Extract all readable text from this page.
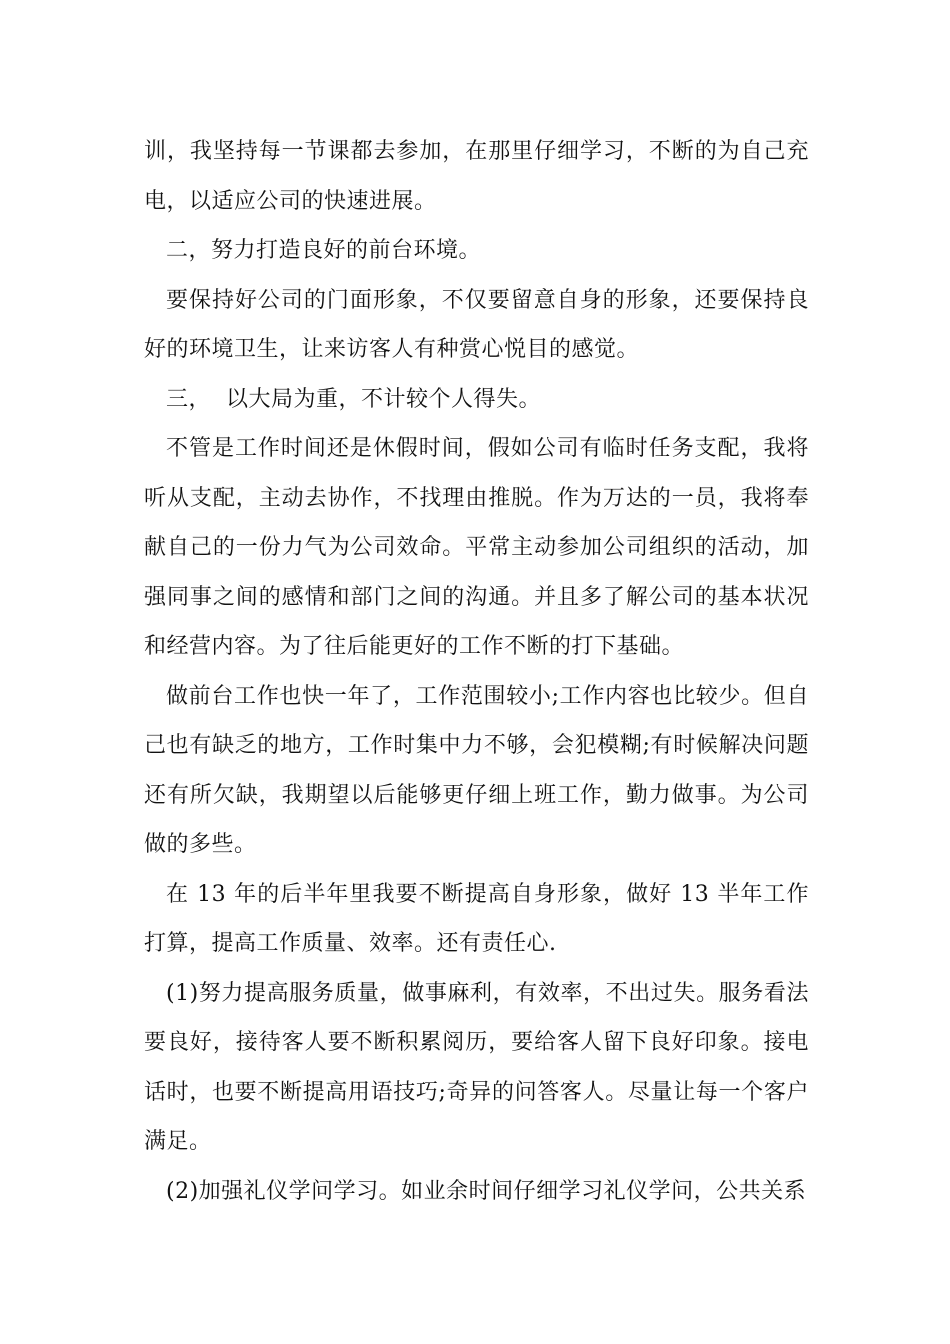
训，我坚持每一节课都去参加，在那里仔细学习，不断的为自己充电，以适应公司的快速进展。

二，努力打造良好的前台环境。

要保持好公司的门面形象，不仅要留意自身的形象，还要保持良好的环境卫生，让来访客人有种赏心悦目的感觉。

三，  以大局为重，不计较个人得失。

不管是工作时间还是休假时间，假如公司有临时任务支配，我将听从支配，主动去协作，不找理由推脱。作为万达的一员，我将奉献自己的一份力气为公司效命。平常主动参加公司组织的活动，加强同事之间的感情和部门之间的沟通。并且多了解公司的基本状况和经营内容。为了往后能更好的工作不断的打下基础。

做前台工作也快一年了，工作范围较小;工作内容也比较少。但自己也有缺乏的地方，工作时集中力不够，会犯模糊;有时候解决问题还有所欠缺，我期望以后能够更仔细上班工作，勤力做事。为公司做的多些。

在 13 年的后半年里我要不断提高自身形象，做好 13 半年工作打算，提高工作质量、效率。还有责任心.

(1)努力提高服务质量，做事麻利，有效率，不出过失。服务看法要良好，接待客人要不断积累阅历，要给客人留下良好印象。接电话时，也要不断提高用语技巧;奇异的问答客人。尽量让每一个客户满足。

(2)加强礼仪学问学习。如业余时间仔细学习礼仪学问，公共关系
